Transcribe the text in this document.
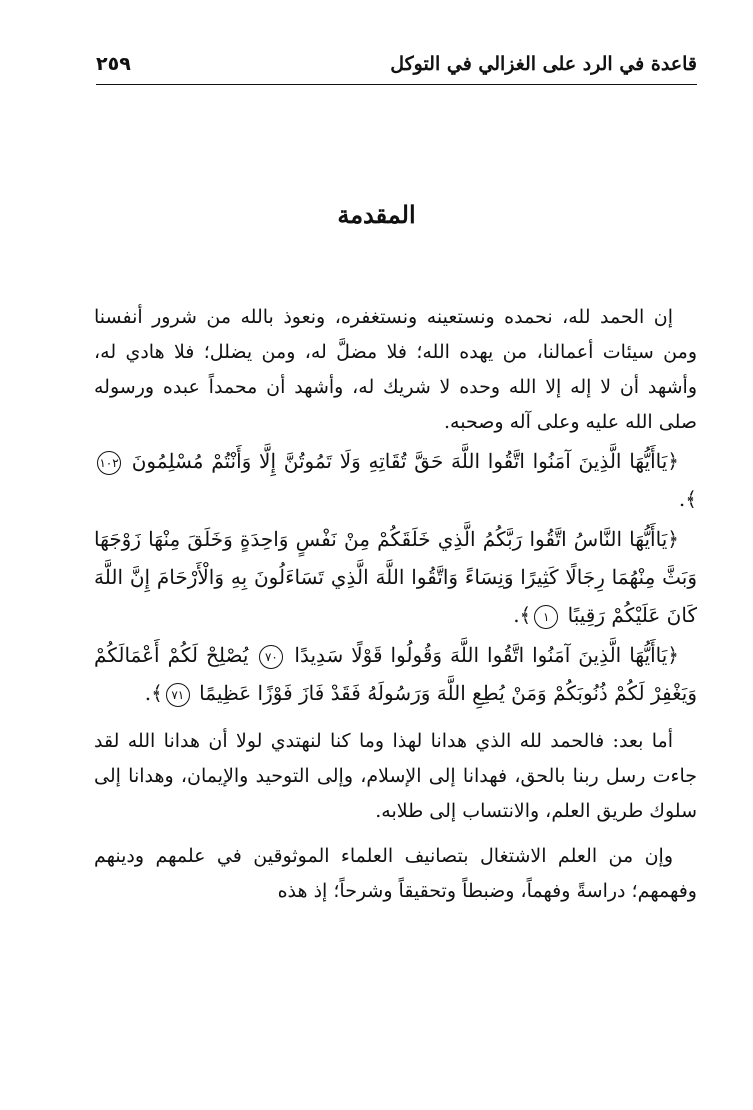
قاعدة في الرد على الغزالي في التوكل
٢٥٩
المقدمة

إن الحمد لله، نحمده ونستعينه ونستغفره، ونعوذ بالله من شرور أنفسنا ومن سيئات أعمالنا، من يهده الله؛ فلا مضلَّ له، ومن يضلل؛ فلا هادي له، وأشهد أن لا إله إلا الله وحده لا شريك له، وأشهد أن محمداً عبده ورسوله صلى الله عليه وعلى آله وصحبه.

﴿يَاأَيُّهَا الَّذِينَ آمَنُوا اتَّقُوا اللَّهَ حَقَّ تُقَاتِهِ وَلَا تَمُوتُنَّ إِلَّا وَأَنْتُمْ مُسْلِمُونَ ١٠٢﴾.

﴿يَاأَيُّهَا النَّاسُ اتَّقُوا رَبَّكُمُ الَّذِي خَلَقَكُمْ مِنْ نَفْسٍ وَاحِدَةٍ وَخَلَقَ مِنْهَا زَوْجَهَا وَبَثَّ مِنْهُمَا رِجَالًا كَثِيرًا وَنِسَاءً وَاتَّقُوا اللَّهَ الَّذِي تَسَاءَلُونَ بِهِ وَالْأَرْحَامَ إِنَّ اللَّهَ كَانَ عَلَيْكُمْ رَقِيبًا ١﴾.

﴿يَاأَيُّهَا الَّذِينَ آمَنُوا اتَّقُوا اللَّهَ وَقُولُوا قَوْلًا سَدِيدًا ٧٠ يُصْلِحْ لَكُمْ أَعْمَالَكُمْ وَيَغْفِرْ لَكُمْ ذُنُوبَكُمْ وَمَنْ يُطِعِ اللَّهَ وَرَسُولَهُ فَقَدْ فَازَ فَوْزًا عَظِيمًا ٧١﴾.

أما بعد: فالحمد لله الذي هدانا لهذا وما كنا لنهتدي لولا أن هدانا الله لقد جاءت رسل ربنا بالحق، فهدانا إلى الإسلام، وإلى التوحيد والإيمان، وهدانا إلى سلوك طريق العلم، والانتساب إلى طلابه.

وإن من العلم الاشتغال بتصانيف العلماء الموثوقين في علمهم ودينهم وفهمهم؛ دراسةً وفهماً، وضبطاً وتحقيقاً وشرحاً؛ إذ هذه
